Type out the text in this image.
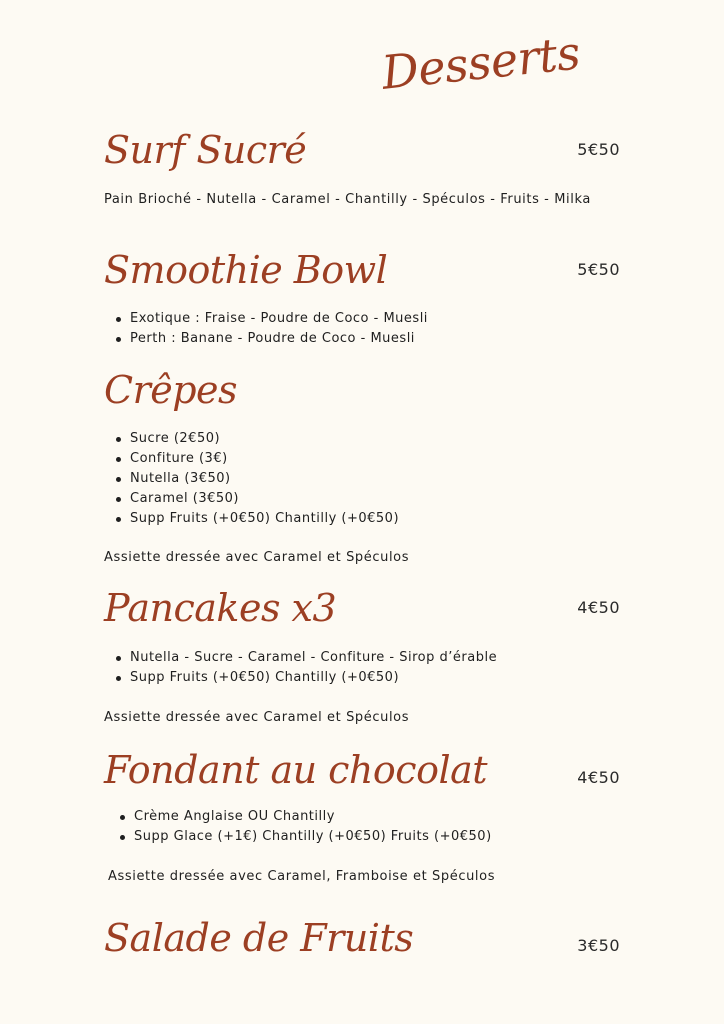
Desserts
Surf Sucré	5€50
Pain Brioché - Nutella - Caramel - Chantilly - Spéculos - Fruits - Milka
Smoothie Bowl	5€50
Exotique : Fraise - Poudre de Coco - Muesli
Perth : Banane - Poudre de Coco - Muesli
Crêpes
Sucre (2€50)
Confiture (3€)
Nutella (3€50)
Caramel (3€50)
Supp Fruits (+0€50) Chantilly (+0€50)
Assiette dressée avec Caramel et Spéculos
Pancakes x3	4€50
Nutella - Sucre - Caramel - Confiture - Sirop d’érable
Supp Fruits (+0€50) Chantilly (+0€50)
Assiette dressée avec Caramel et Spéculos
Fondant au chocolat	4€50
Crème Anglaise OU Chantilly
Supp Glace (+1€) Chantilly (+0€50) Fruits (+0€50)
Assiette dressée avec Caramel, Framboise et Spéculos
Salade de Fruits	3€50
